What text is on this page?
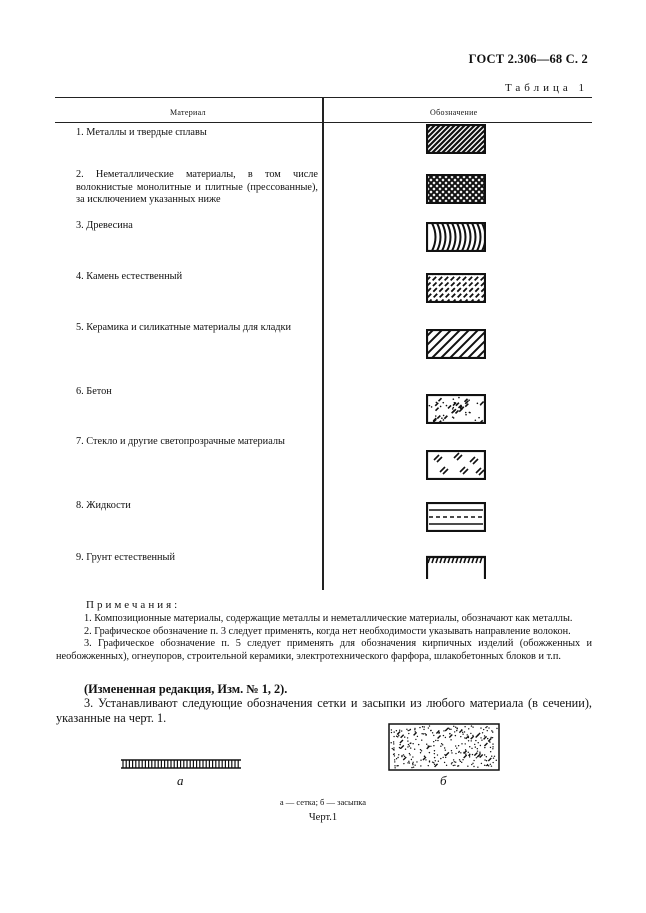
ГОСТ 2.306—68 С. 2
Таблица 1
Материал	Обозначение
1. Металлы и твердые сплавы
2. Неметаллические материалы, в том числе волокнистые монолитные и плитные (прессованные), за исключением указанных ниже
3. Древесина
4. Камень естественный
5. Керамика и силикатные материалы для кладки
6. Бетон
7. Стекло и другие светопрозрачные материалы
8. Жидкости
9. Грунт естественный
Примечания:

1. Композиционные материалы, содержащие металлы и неметаллические материалы, обозначают как металлы.

2. Графическое обозначение п. 3 следует применять, когда нет необходимости указывать направление волокон.

3. Графическое обозначение п. 5 следует применять для обозначения кирпичных изделий (обожженных и необожженных), огнеупоров, строительной керамики, электротехнического фарфора, шлакобетонных блоков и т.п.

(Измененная редакция, Изм. № 1, 2).
3. Устанавливают следующие обозначения сетки и засыпки из любого материала (в сечении), указанные на черт. 1.
а	б
а — сетка; б — засыпка
Черт.1
